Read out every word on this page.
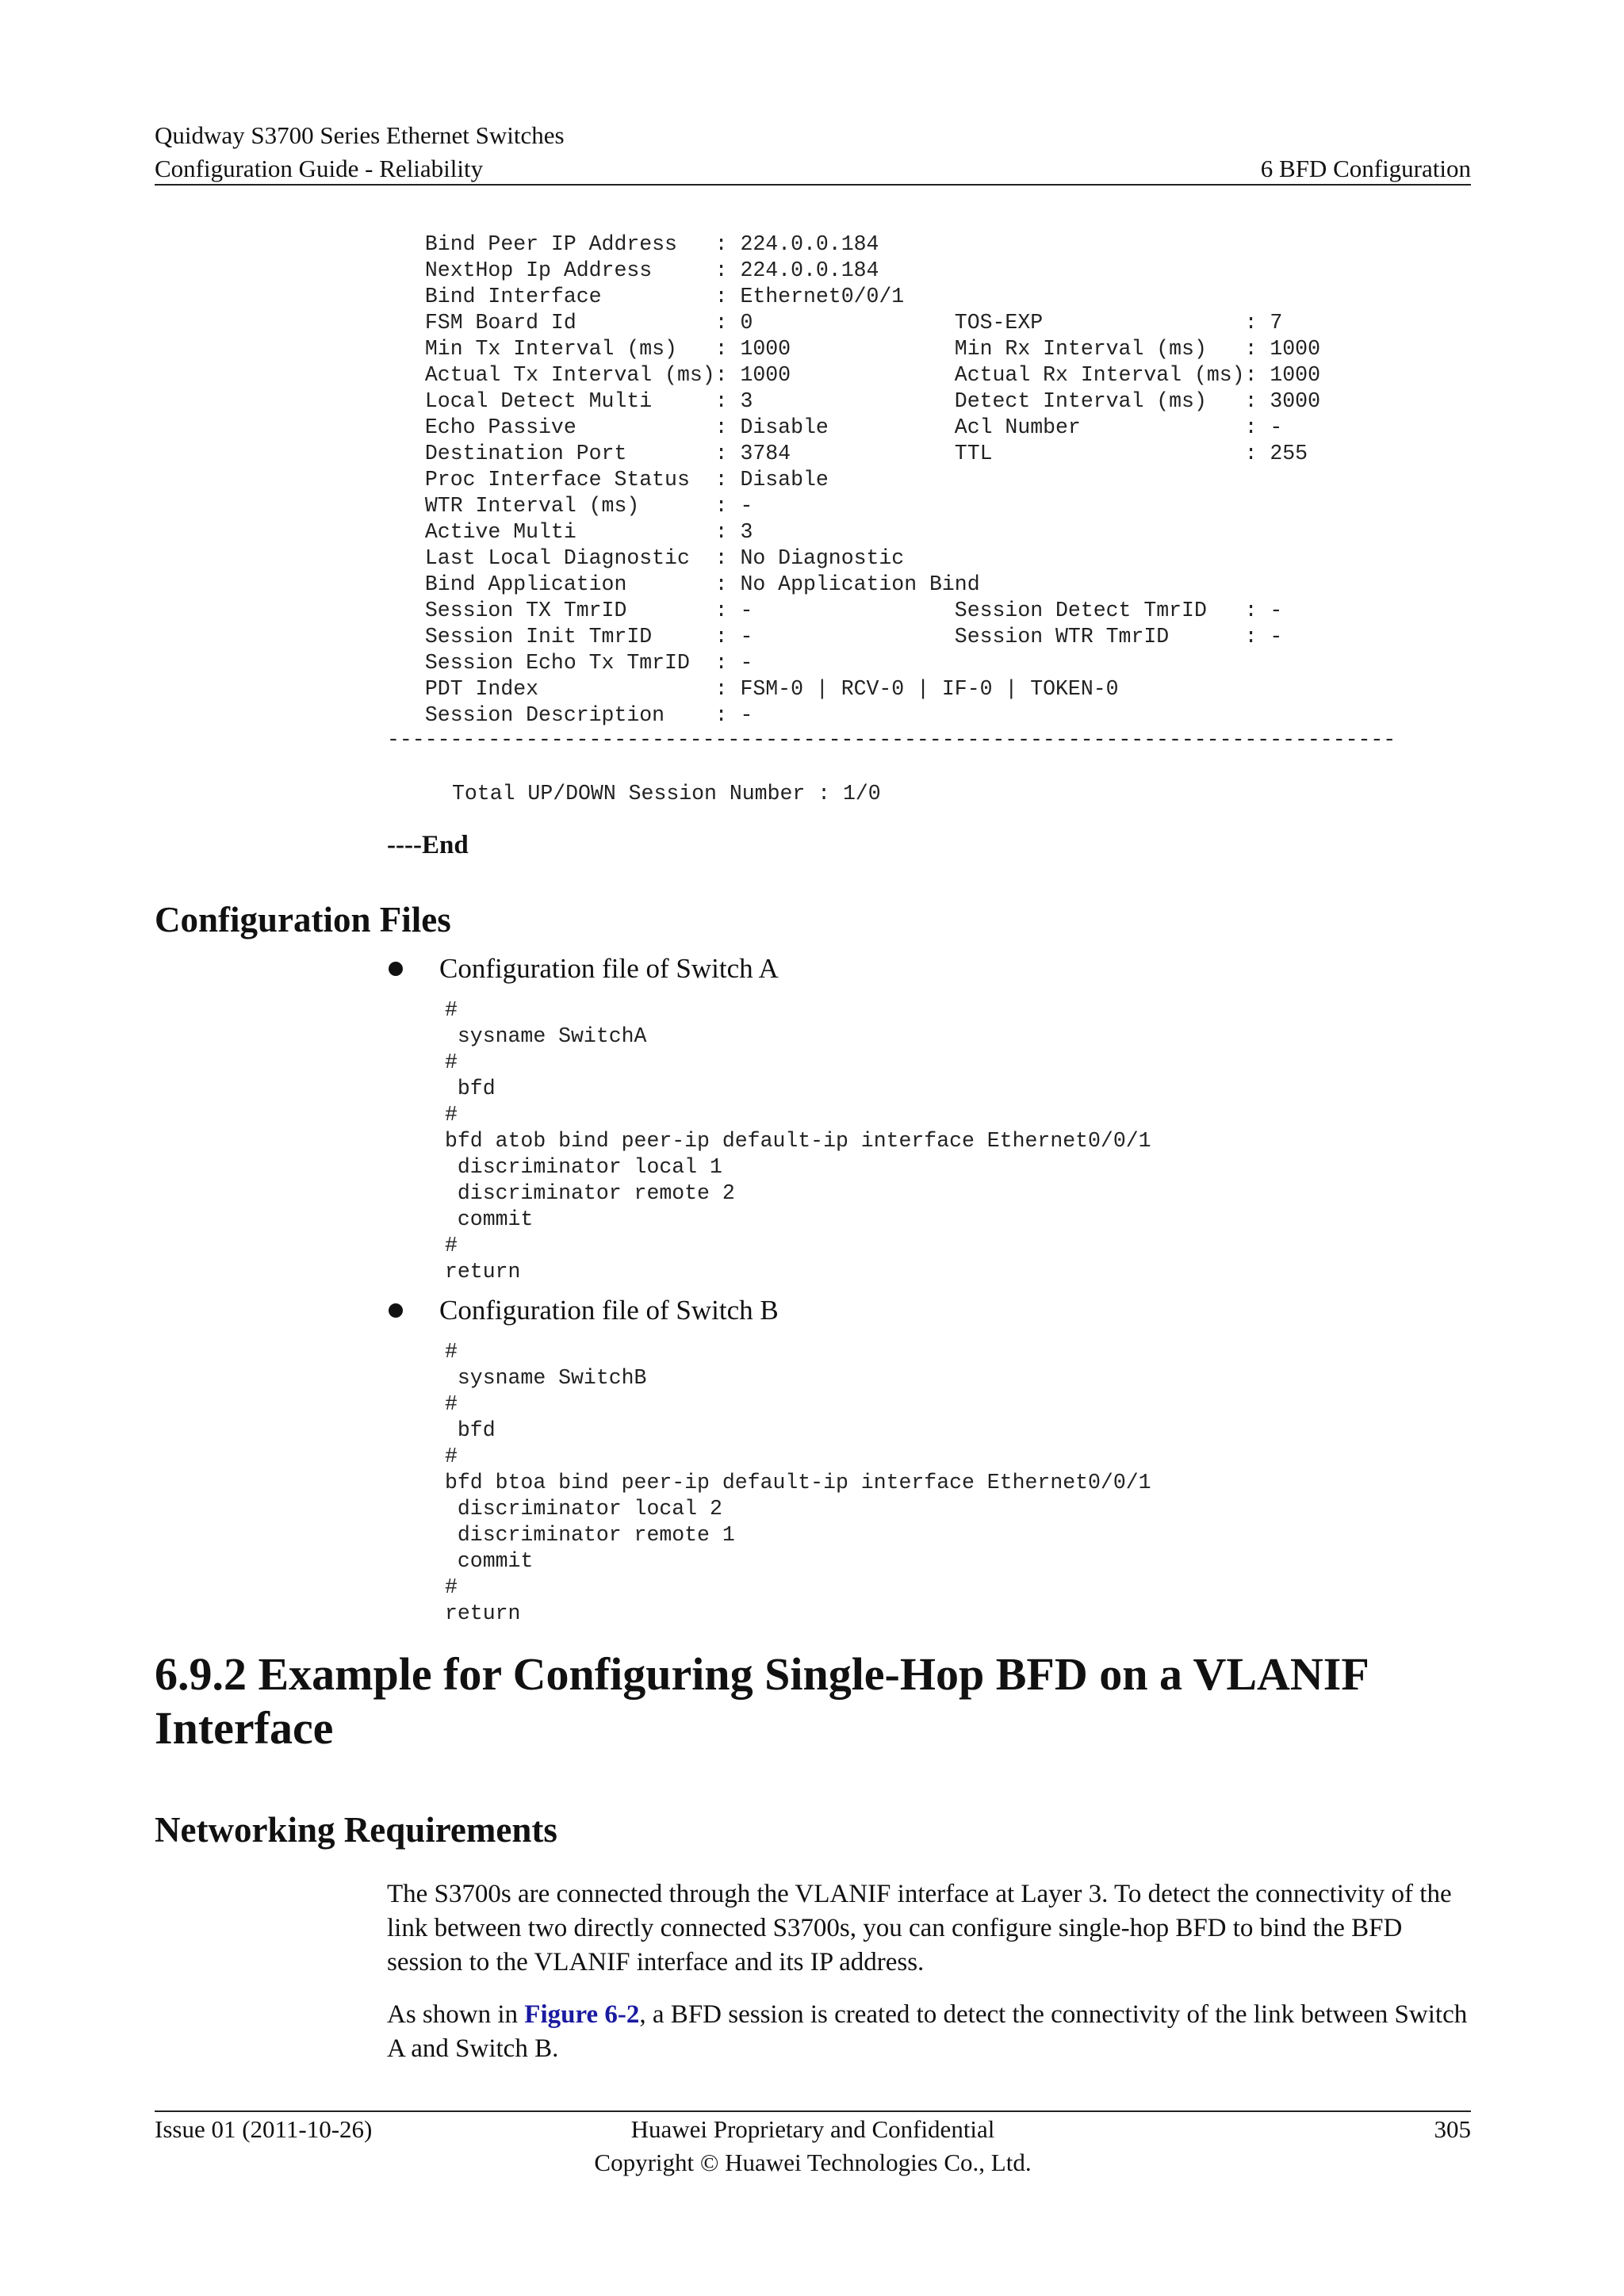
Quidway S3700 Series Ethernet Switches
Configuration Guide - Reliability	6 BFD Configuration
Bind Peer IP Address   : 224.0.0.184
NextHop Ip Address     : 224.0.0.184
Bind Interface         : Ethernet0/0/1
FSM Board Id           : 0                TOS-EXP                : 7
Min Tx Interval (ms)   : 1000             Min Rx Interval (ms)   : 1000
Actual Tx Interval (ms): 1000             Actual Rx Interval (ms): 1000
Local Detect Multi     : 3                Detect Interval (ms)   : 3000
Echo Passive           : Disable          Acl Number             : -
Destination Port       : 3784             TTL                    : 255
Proc Interface Status  : Disable
WTR Interval (ms)      : -
Active Multi           : 3
Last Local Diagnostic  : No Diagnostic
Bind Application       : No Application Bind
Session TX TmrID       : -                Session Detect TmrID   : -
Session Init TmrID     : -                Session WTR TmrID      : -
Session Echo Tx TmrID  : -
PDT Index              : FSM-0 | RCV-0 | IF-0 | TOKEN-0
Session Description    : -
--------------------------------------------------------------------------------
Total UP/DOWN Session Number : 1/0
----End
Configuration Files
Configuration file of Switch A
#
sysname SwitchA
#
bfd
#
bfd atob bind peer-ip default-ip interface Ethernet0/0/1
discriminator local 1
discriminator remote 2
commit
#
return
Configuration file of Switch B
#
sysname SwitchB
#
bfd
#
bfd btoa bind peer-ip default-ip interface Ethernet0/0/1
discriminator local 2
discriminator remote 1
commit
#
return
6.9.2 Example for Configuring Single-Hop BFD on a VLANIF
Interface
Networking Requirements
The S3700s are connected through the VLANIF interface at Layer 3. To detect the connectivity of the link between two directly connected S3700s, you can configure single-hop BFD to bind the BFD session to the VLANIF interface and its IP address.
As shown in Figure 6-2, a BFD session is created to detect the connectivity of the link between Switch A and Switch B.
Issue 01 (2011-10-26)	Huawei Proprietary and Confidential
Copyright © Huawei Technologies Co., Ltd.
305
